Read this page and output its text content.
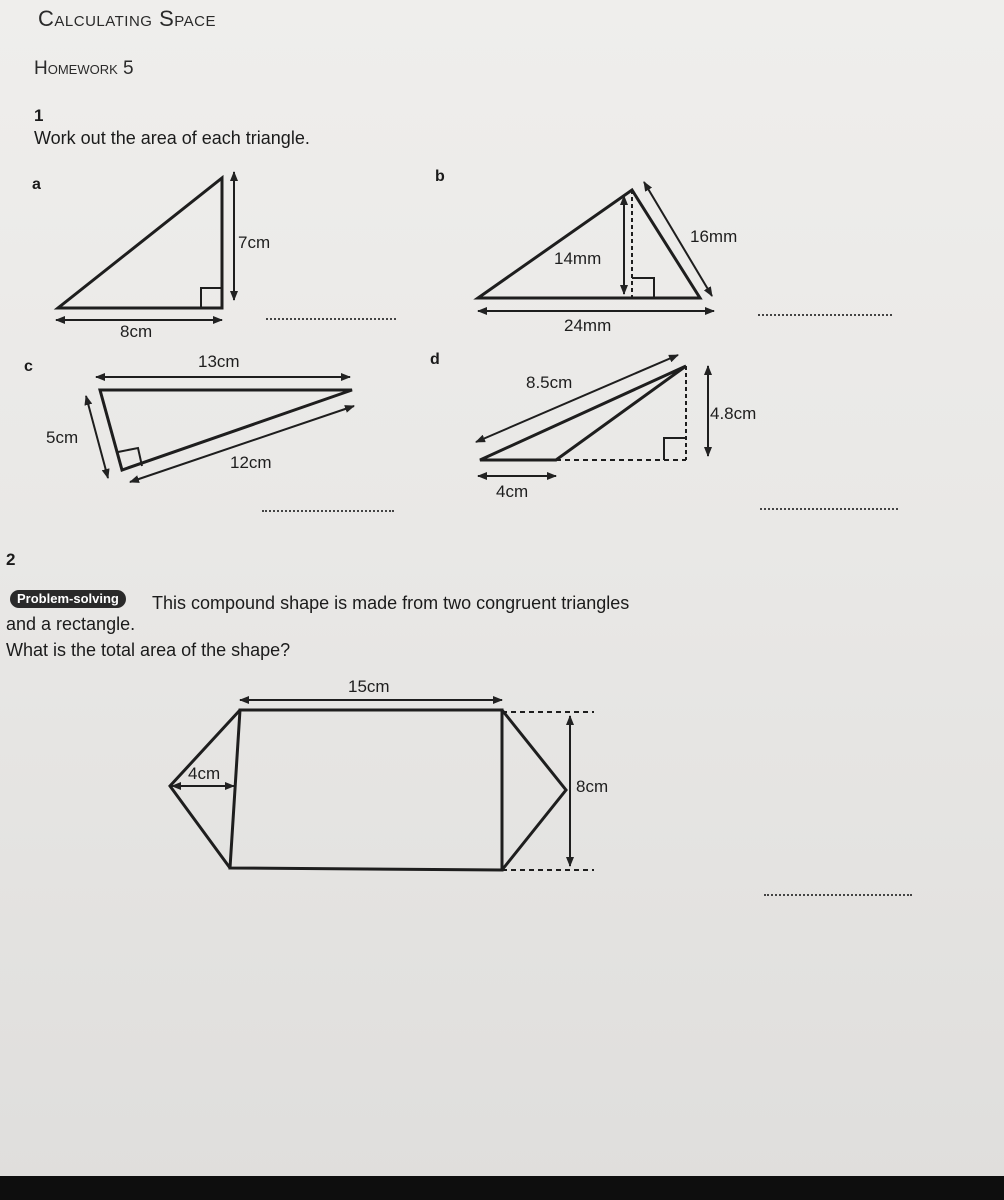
Calculating Space
Homework 5
1
Work out the area of each triangle.
a	b
c	d
7cm
8cm
16mm
14mm
24mm
13cm
5cm
12cm
8.5cm
4.8cm
4cm
2
Problem-solving	This compound shape is made from two congruent triangles
and a rectangle.
What is the total area of the shape?
15cm
4cm
8cm
